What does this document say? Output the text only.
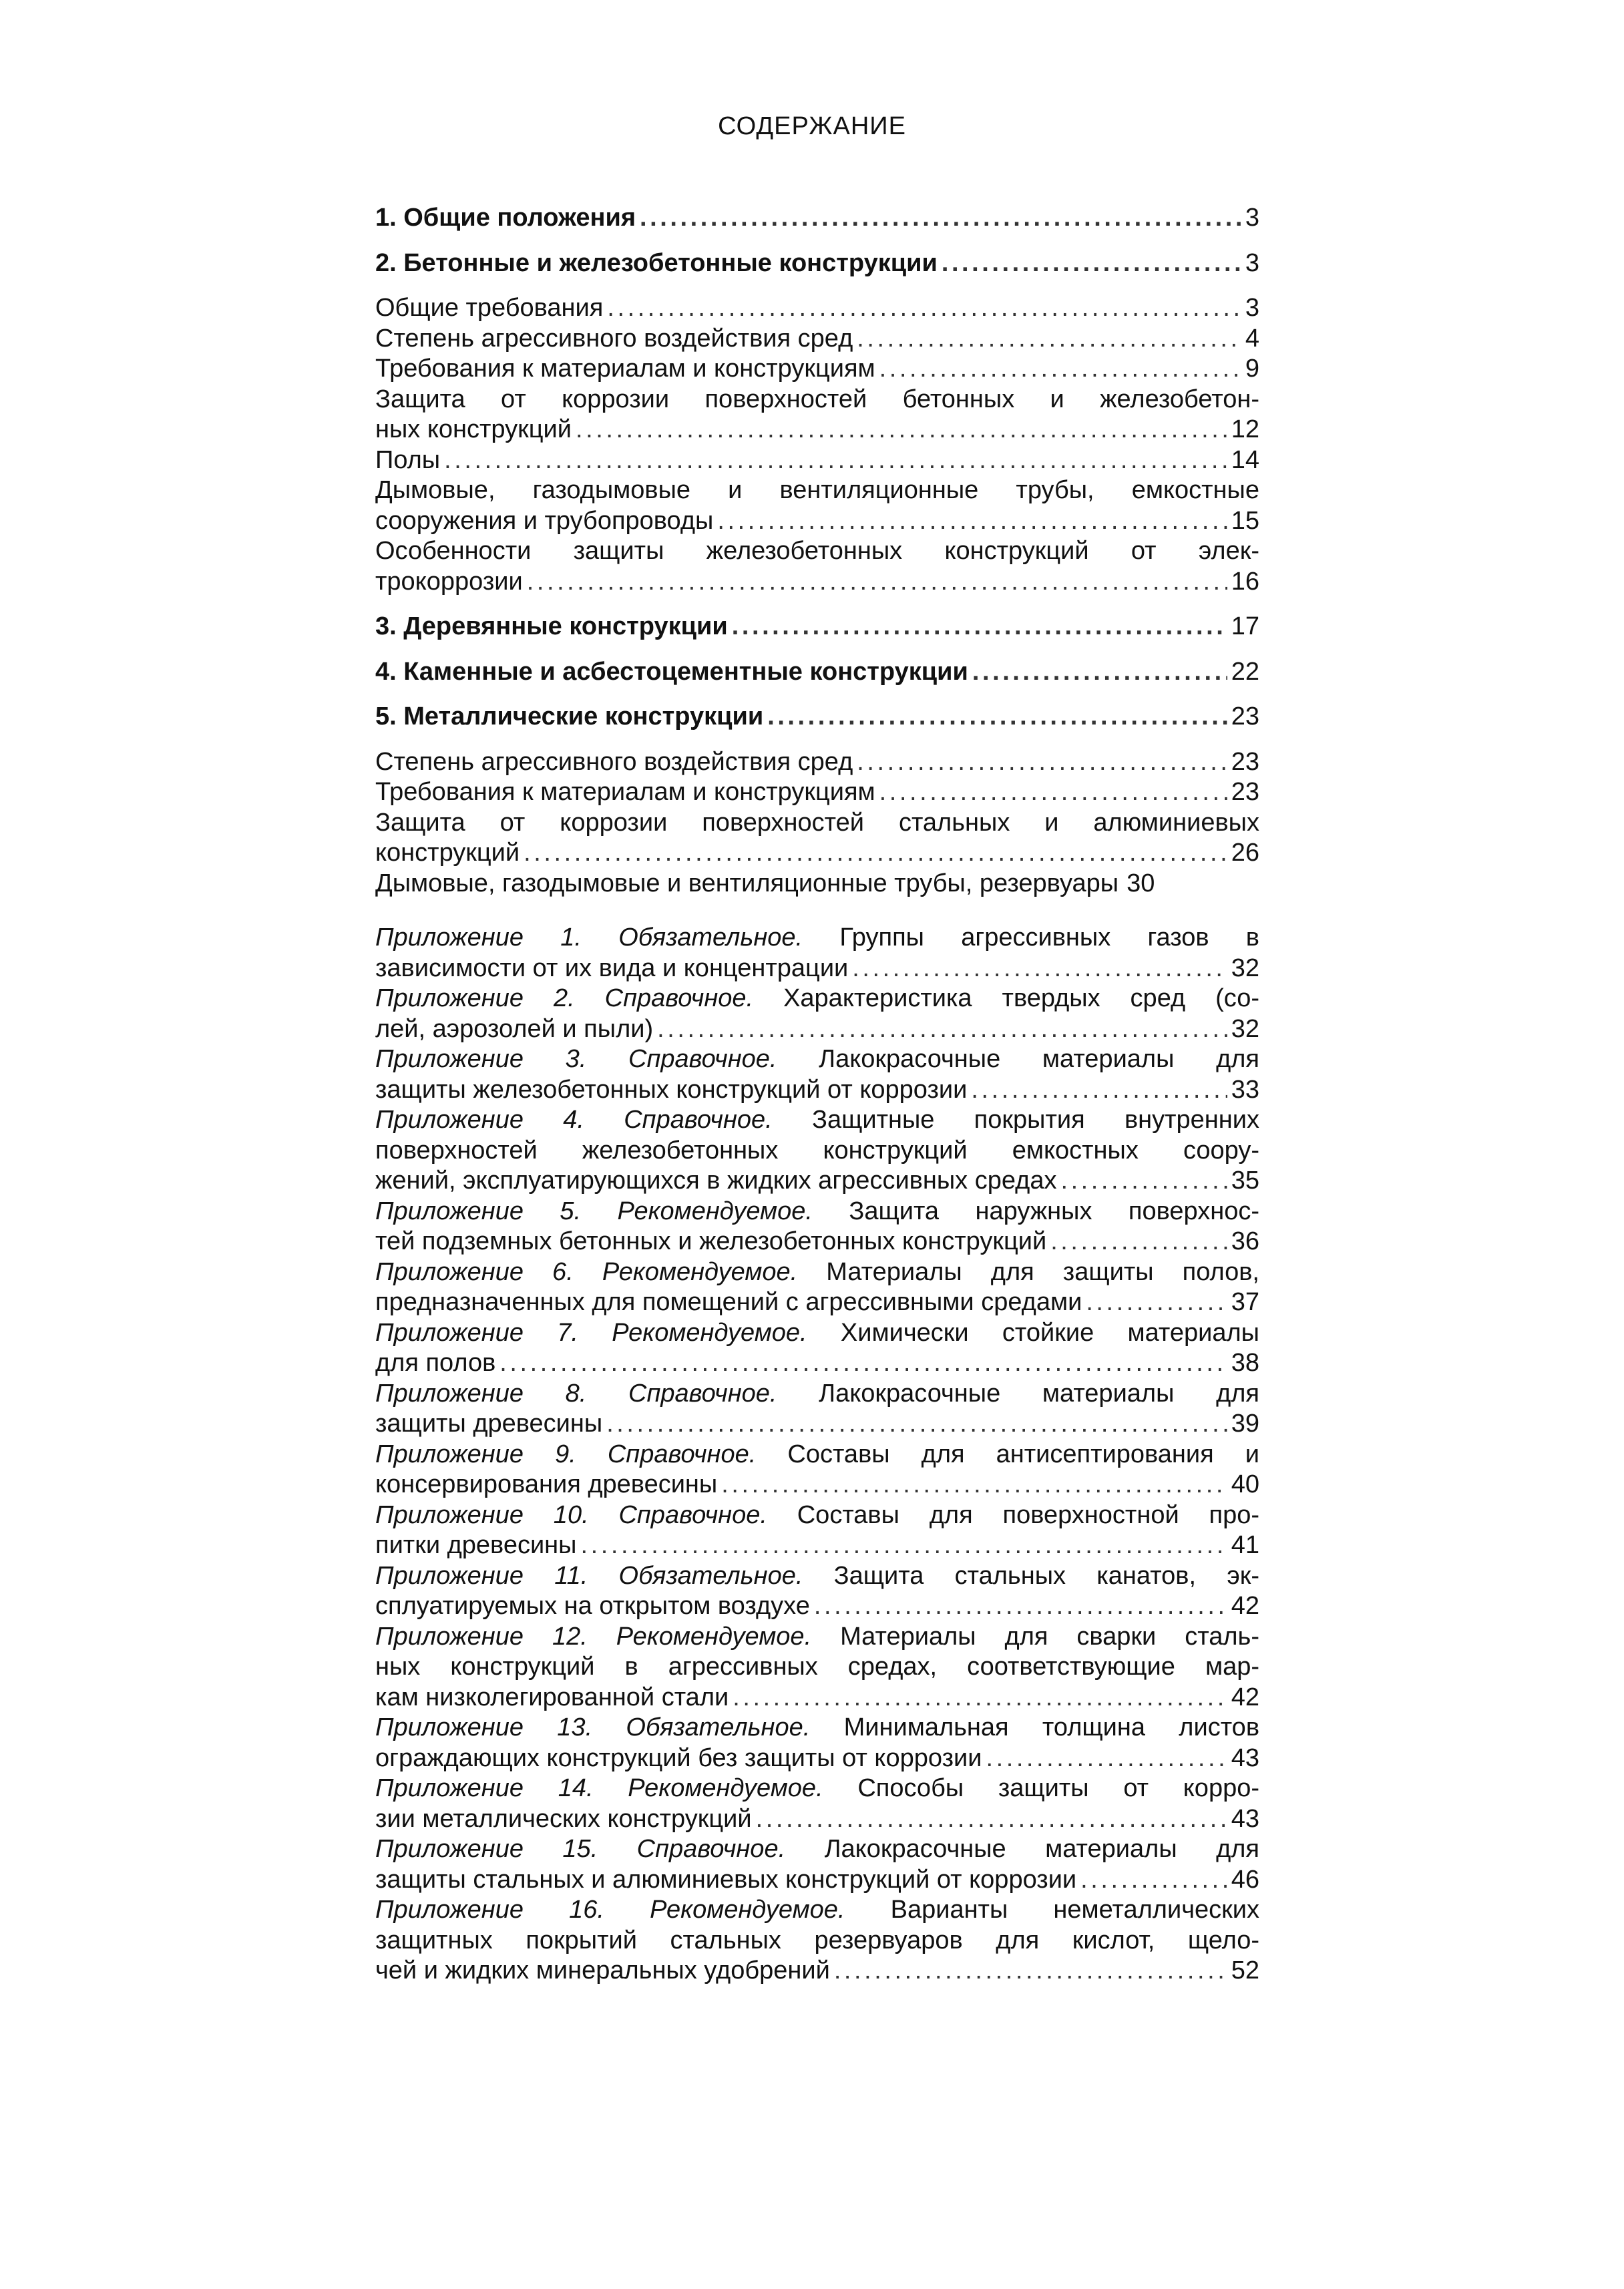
СОДЕРЖАНИЕ
1. Общие положения . . .	3
2. Бетонные и железобетонные конструкции . . .	3
Общие требования . . .	3
Степень агрессивного воздействия сред . . .	4
Требования к материалам и конструкциям . . .	9
Защита от коррозии поверхностей бетонных и железобетон-
ных конструкций . . .	12
Полы . . .	14
Дымовые, газодымовые и вентиляционные трубы, емкостные
сооружения и трубопроводы . . .	15
Особенности защиты железобетонных конструкций от элек-
трокоррозии . . .	16
3. Деревянные конструкции . . .	17
4. Каменные и асбестоцементные конструкции . . .	22
5. Металлические конструкции . . .	23
Степень агрессивного воздействия сред . . .	23
Требования к материалам и конструкциям . . .	23
Защита от коррозии поверхностей стальных и алюминиевых
конструкций . . .	26
Дымовые, газодымовые и вентиляционные трубы, резервуары 30
Приложение 1. Обязательное. Группы агрессивных газов в
зависимости от их вида и концентрации . . .	32
Приложение 2. Справочное. Характеристика твердых сред (со-
лей, аэрозолей и пыли) . . .	32
Приложение 3. Справочное. Лакокрасочные материалы для
защиты железобетонных конструкций от коррозии . . .	33
Приложение 4. Справочное. Защитные покрытия внутренних
поверхностей железобетонных конструкций емкостных соору-
жений, эксплуатирующихся в жидких агрессивных средах . . .	35
Приложение 5. Рекомендуемое. Защита наружных поверхнос-
тей подземных бетонных и железобетонных конструкций . . .	36
Приложение 6. Рекомендуемое. Материалы для защиты полов,
предназначенных для помещений с агрессивными средами . . .	37
Приложение 7. Рекомендуемое. Химически стойкие материалы
для полов . . .	38
Приложение 8. Справочное. Лакокрасочные материалы для
защиты древесины . . .	39
Приложение 9. Справочное. Составы для антисептирования и
консервирования древесины . . .	40
Приложение 10. Справочное. Составы для поверхностной про-
питки древесины . . .	41
Приложение 11. Обязательное. Защита стальных канатов, эк-
сплуатируемых на открытом воздухе . . .	42
Приложение 12. Рекомендуемое. Материалы для сварки сталь-
ных конструкций в агрессивных средах, соответствующие мар-
кам низколегированной стали . . .	42
Приложение 13. Обязательное. Минимальная толщина листов
ограждающих конструкций без защиты от коррозии . . .	43
Приложение 14. Рекомендуемое. Способы защиты от корро-
зии металлических конструкций . . .	43
Приложение 15. Справочное. Лакокрасочные материалы для
защиты стальных и алюминиевых конструкций от коррозии . . .	46
Приложение 16. Рекомендуемое. Варианты неметаллических
защитных покрытий стальных резервуаров для кислот, щело-
чей и жидких минеральных удобрений . . .	52
